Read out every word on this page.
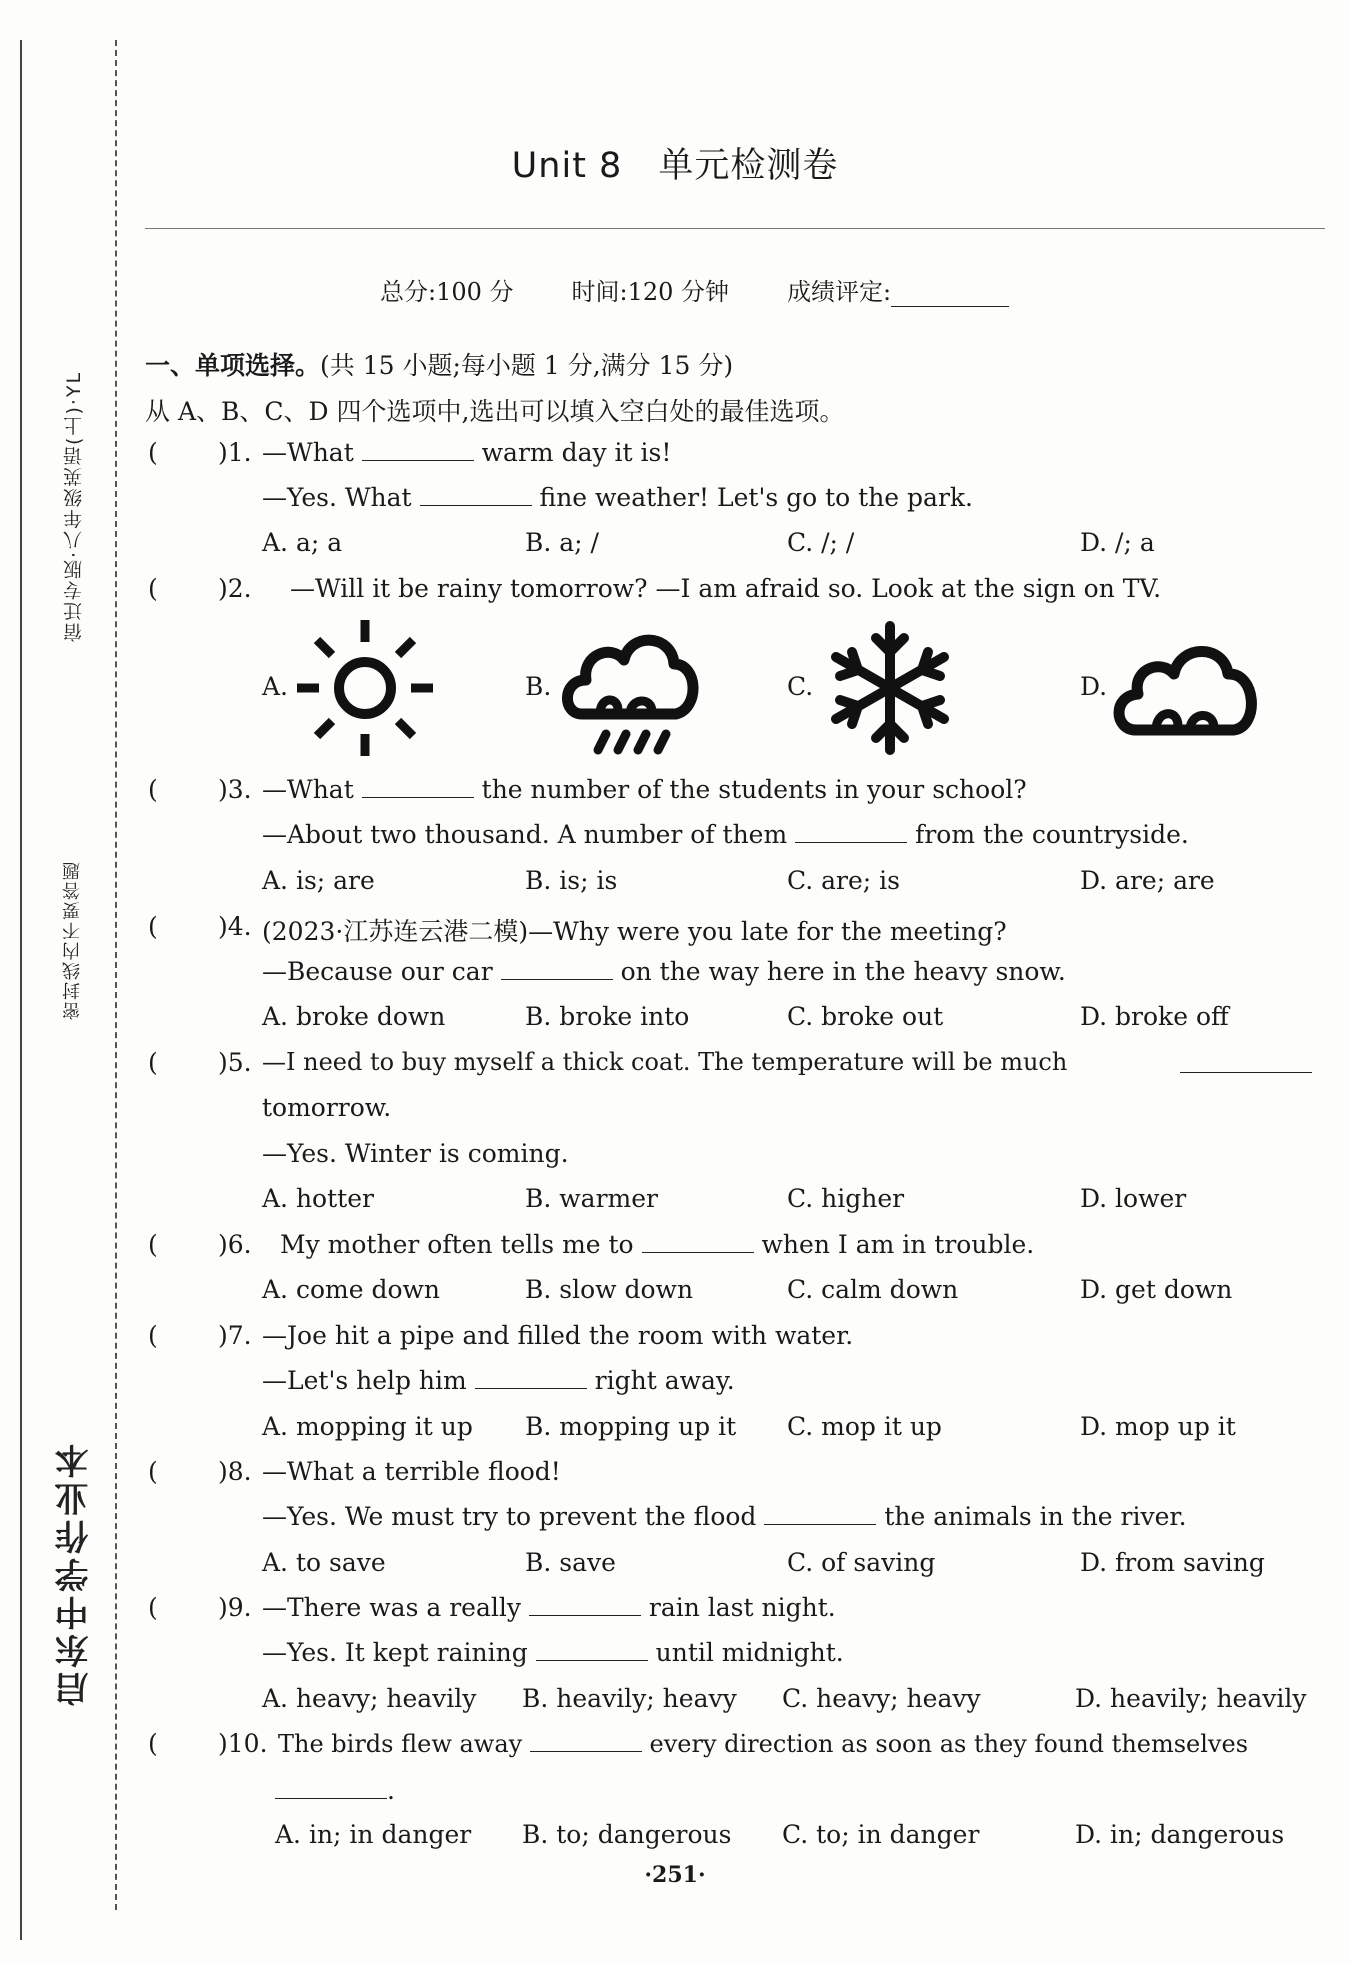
宿迁专版·八年级英语(上)·YL
密封线内不要答题
启东中学作业本
Unit 8　单元检测卷
总分:100 分 时间:120 分钟 成绩评定:
一、单项选择。(共 15 小题;每小题 1 分,满分 15 分)
从 A、B、C、D 四个选项中,选出可以填入空白处的最佳选项。
( )1. —What	warm day it is!
—Yes. What	fine weather! Let's go to the park.
A. a; a	B. a; /	C. /; /	D. /; a
( )2. —Will it be rainy tomorrow? —I am afraid so. Look at the sign on TV.
A.	B.	C.	D.
( )3. —What	the number of the students in your school?
—About two thousand. A number of them	from the countryside.
A. is; are	B. is; is	C. are; is	D. are; are
( )4. (2023·江苏连云港二模)—Why were you late for the meeting?
—Because our car	on the way here in the heavy snow.
A. broke down	B. broke into	C. broke out	D. broke off
( )5. —I need to buy myself a thick coat. The temperature will be much
tomorrow.
—Yes. Winter is coming.
A. hotter	B. warmer	C. higher	D. lower
( )6. My mother often tells me to	when I am in trouble.
A. come down	B. slow down	C. calm down	D. get down
( )7. —Joe hit a pipe and filled the room with water.
—Let's help him	right away.
A. mopping it up B. mopping up it C. mop it up	D. mop up it
( )8. —What a terrible flood!
—Yes. We must try to prevent the flood	the animals in the river.
A. to save	B. save	C. of saving	D. from saving
( )9. —There was a really	rain last night.
—Yes. It kept raining	until midnight.
A. heavy; heavily B. heavily; heavy C. heavy; heavy	D. heavily; heavily
( )10. The birds flew away	every direction as soon as they found themselves
.
A. in; in danger B. to; dangerous C. to; in danger	D. in; dangerous
·251·
